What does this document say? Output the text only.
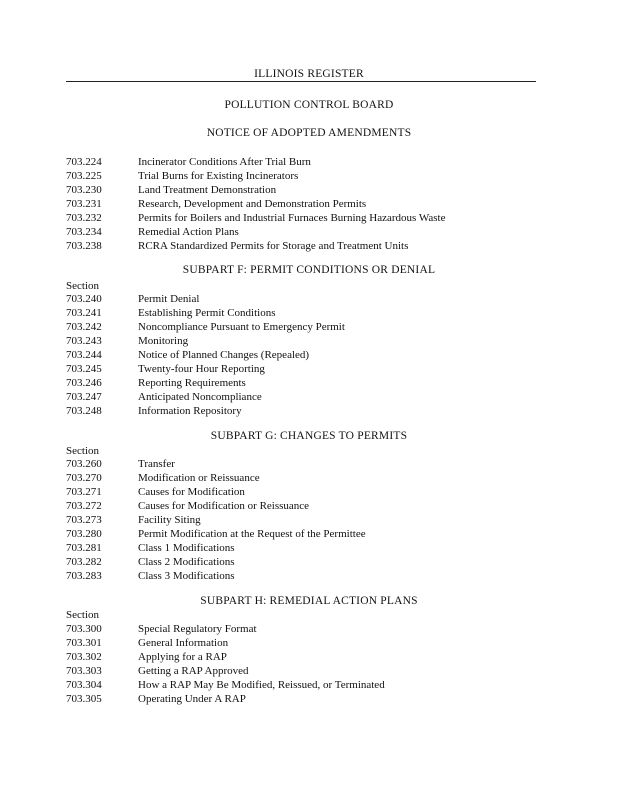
ILLINOIS REGISTER
POLLUTION CONTROL BOARD
NOTICE OF ADOPTED AMENDMENTS
703.224	Incinerator Conditions After Trial Burn
703.225	Trial Burns for Existing Incinerators
703.230	Land Treatment Demonstration
703.231	Research, Development and Demonstration Permits
703.232	Permits for Boilers and Industrial Furnaces Burning Hazardous Waste
703.234	Remedial Action Plans
703.238	RCRA Standardized Permits for Storage and Treatment Units
SUBPART F: PERMIT CONDITIONS OR DENIAL
Section
703.240	Permit Denial
703.241	Establishing Permit Conditions
703.242	Noncompliance Pursuant to Emergency Permit
703.243	Monitoring
703.244	Notice of Planned Changes (Repealed)
703.245	Twenty-four Hour Reporting
703.246	Reporting Requirements
703.247	Anticipated Noncompliance
703.248	Information Repository
SUBPART G: CHANGES TO PERMITS
Section
703.260	Transfer
703.270	Modification or Reissuance
703.271	Causes for Modification
703.272	Causes for Modification or Reissuance
703.273	Facility Siting
703.280	Permit Modification at the Request of the Permittee
703.281	Class 1 Modifications
703.282	Class 2 Modifications
703.283	Class 3 Modifications
SUBPART H: REMEDIAL ACTION PLANS
Section
703.300	Special Regulatory Format
703.301	General Information
703.302	Applying for a RAP
703.303	Getting a RAP Approved
703.304	How a RAP May Be Modified, Reissued, or Terminated
703.305	Operating Under A RAP
